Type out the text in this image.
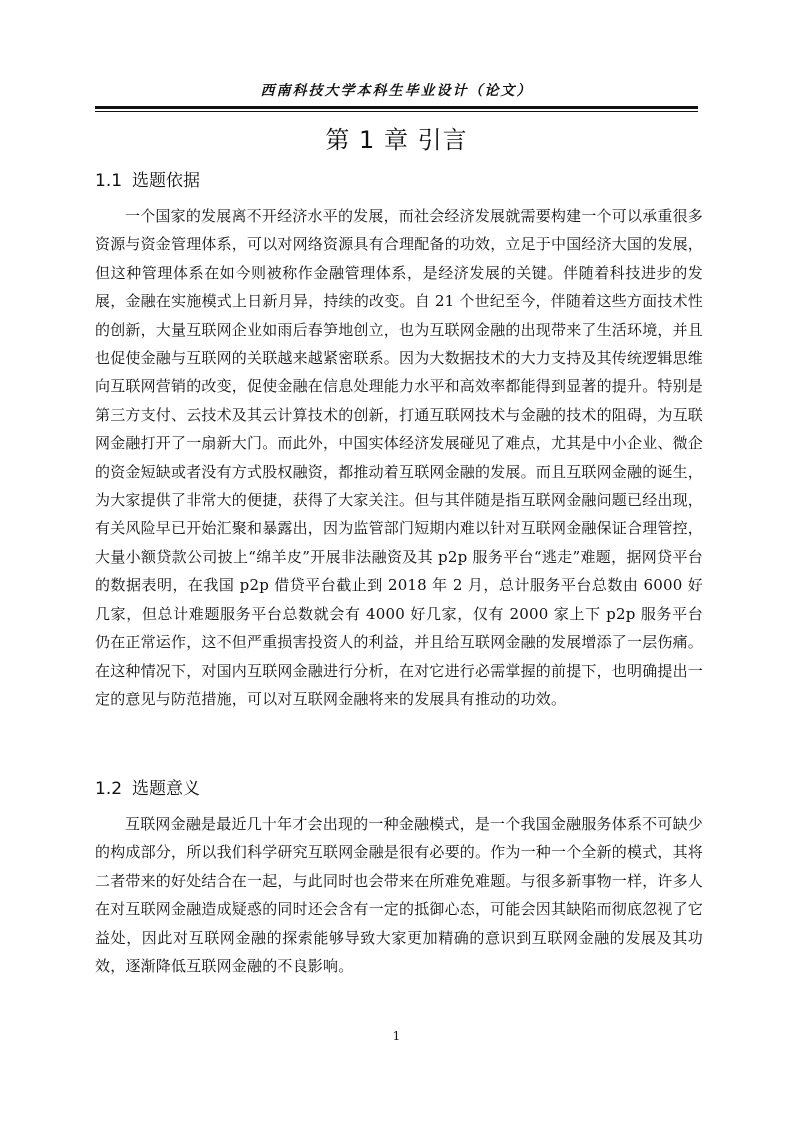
西南科技大学本科生毕业设计（论文）
第 1 章 引言
1.1 选题依据

一个国家的发展离不开经济水平的发展，而社会经济发展就需要构建一个可以承重很多资源与资金管理体系，可以对网络资源具有合理配备的功效，立足于中国经济大国的发展，但这种管理体系在如今则被称作金融管理体系，是经济发展的关键。伴随着科技进步的发展，金融在实施模式上日新月异，持续的改变。自 21 个世纪至今，伴随着这些方面技术性的创新，大量互联网企业如雨后春笋地创立，也为互联网金融的出现带来了生活环境，并且也促使金融与互联网的关联越来越紧密联系。因为大数据技术的大力支持及其传统逻辑思维向互联网营销的改变，促使金融在信息处理能力水平和高效率都能得到显著的提升。特别是第三方支付、云技术及其云计算技术的创新，打通互联网技术与金融的技术的阻碍，为互联网金融打开了一扇新大门。而此外，中国实体经济发展碰见了难点，尤其是中小企业、微企的资金短缺或者没有方式股权融资，都推动着互联网金融的发展。而且互联网金融的诞生，为大家提供了非常大的便捷，获得了大家关注。但与其伴随是指互联网金融问题已经出现，有关风险早已开始汇聚和暴露出，因为监管部门短期内难以针对互联网金融保证合理管控，大量小额贷款公司披上“绵羊皮”开展非法融资及其 p2p 服务平台“逃走”难题，据网贷平台的数据表明，在我国 p2p 借贷平台截止到 2018 年 2 月，总计服务平台总数由 6000 好几家，但总计难题服务平台总数就会有 4000 好几家，仅有 2000 家上下 p2p 服务平台仍在正常运作，这不但严重损害投资人的利益，并且给互联网金融的发展增添了一层伤痛。在这种情况下，对国内互联网金融进行分析，在对它进行必需掌握的前提下，也明确提出一定的意见与防范措施，可以对互联网金融将来的发展具有推动的功效。

1.2 选题意义

互联网金融是最近几十年才会出现的一种金融模式，是一个我国金融服务体系不可缺少的构成部分，所以我们科学研究互联网金融是很有必要的。作为一种一个全新的模式，其将二者带来的好处结合在一起，与此同时也会带来在所难免难题。与很多新事物一样，许多人在对互联网金融造成疑惑的同时还会含有一定的抵御心态，可能会因其缺陷而彻底忽视了它益处，因此对互联网金融的探索能够导致大家更加精确的意识到互联网金融的发展及其功效，逐渐降低互联网金融的不良影响。

1
